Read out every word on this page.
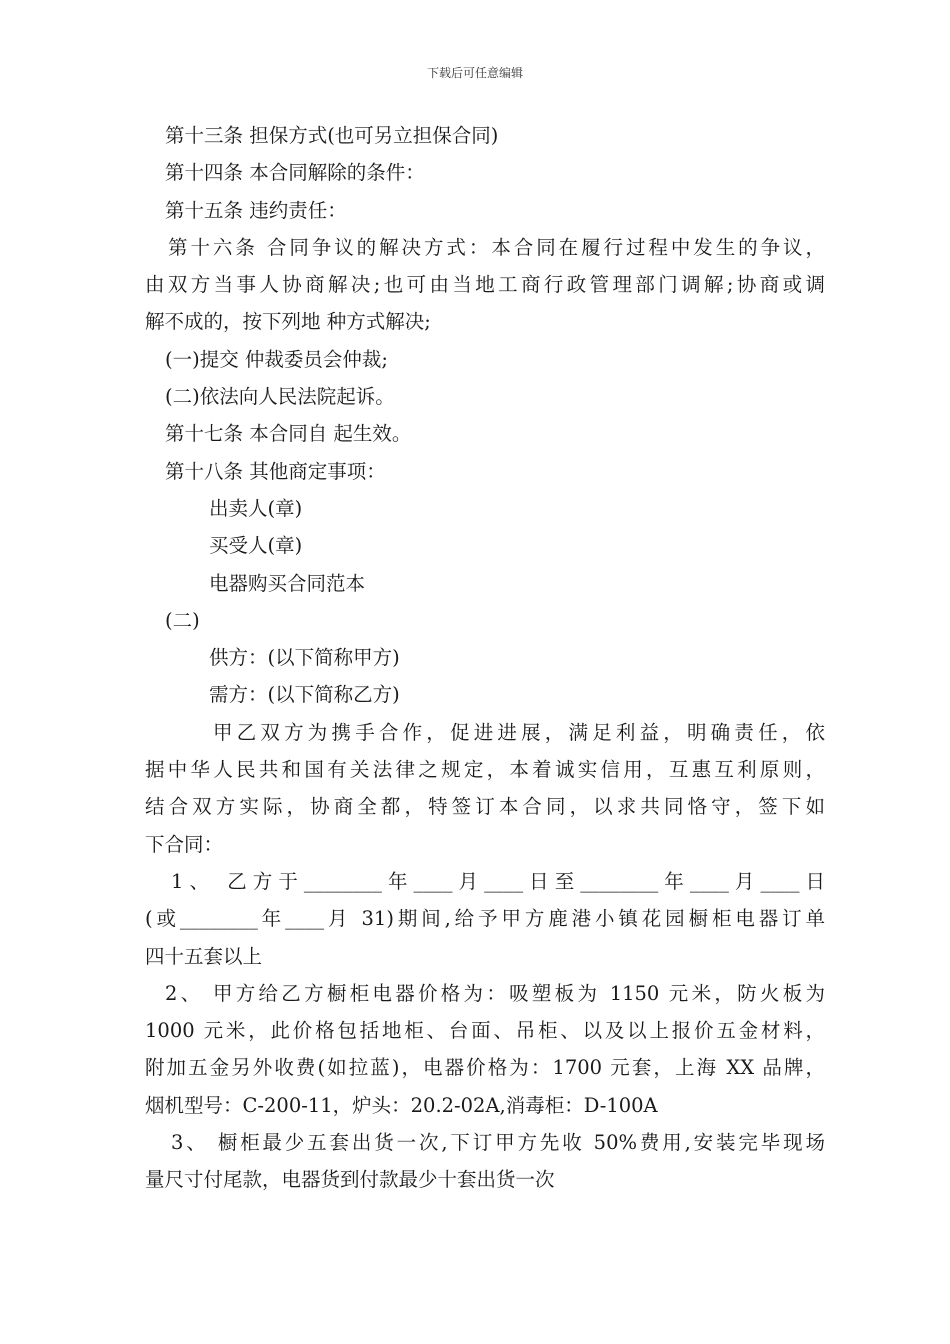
下载后可任意编辑
第十三条 担保方式(也可另立担保合同)
第十四条 本合同解除的条件：
第十五条 违约责任：
第十六条 合同争议的解决方式：本合同在履行过程中发生的争议，
由双方当事人协商解决;也可由当地工商行政管理部门调解;协商或调
解不成的，按下列地 种方式解决;
(一)提交 仲裁委员会仲裁;
(二)依法向人民法院起诉。
第十七条 本合同自 起生效。
第十八条 其他商定事项：
出卖人(章)
买受人(章)
电器购买合同范本
(二)
供方：(以下简称甲方)
需方：(以下简称乙方)
甲乙双方为携手合作，促进进展，满足利益，明确责任，依
据中华人民共和国有关法律之规定，本着诚实信用，互惠互利原则，
结合双方实际，协商全都，特签订本合同，以求共同恪守，签下如
下合同：
1、 乙方于________年____月____日至________年____月____日
(或________年____月 31)期间,给予甲方鹿港小镇花园橱柜电器订单
四十五套以上
2、 甲方给乙方橱柜电器价格为：吸塑板为 1150 元米，防火板为
1000 元米，此价格包括地柜、台面、吊柜、以及以上报价五金材料，
附加五金另外收费(如拉蓝)，电器价格为：1700 元套，上海 XX 品牌，
烟机型号：C-200-11，炉头：20.2-02A,消毒柜：D-100A
3、 橱柜最少五套出货一次,下订甲方先收 50%费用,安装完毕现场
量尺寸付尾款，电器货到付款最少十套出货一次
